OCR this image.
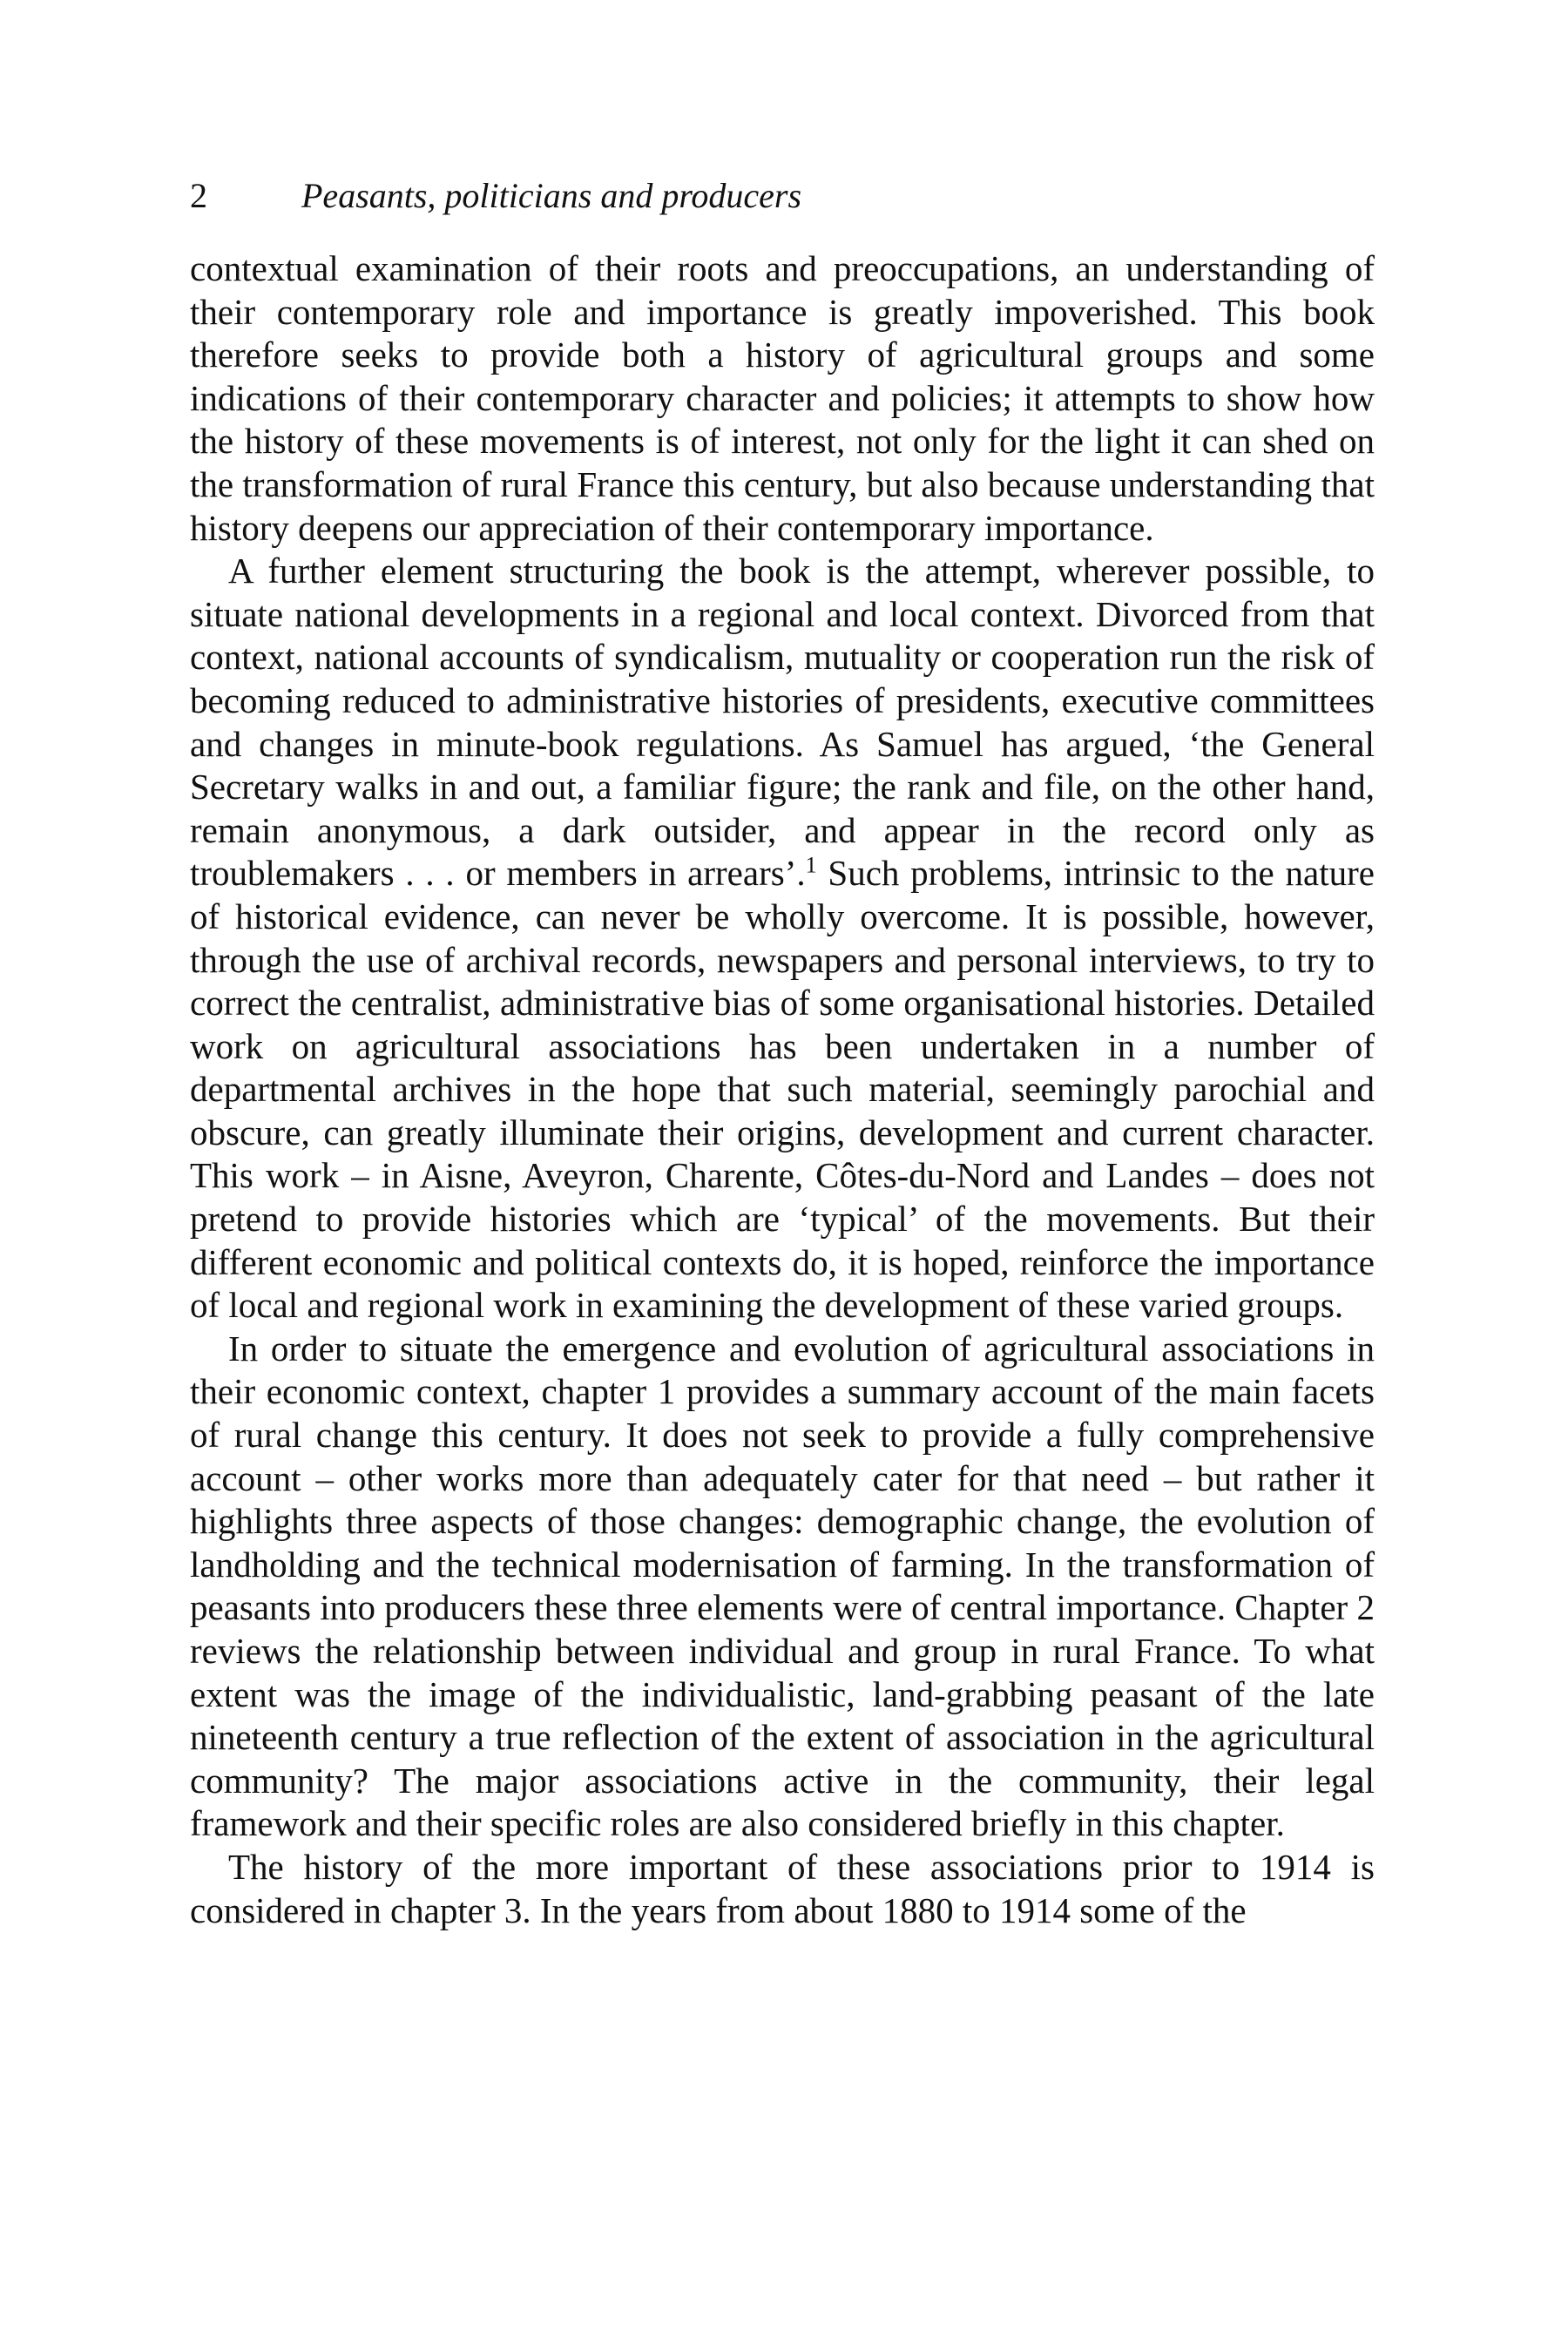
2	Peasants, politicians and producers

contextual examination of their roots and preoccupations, an understanding of their contemporary role and importance is greatly impoverished. This book therefore seeks to provide both a history of agricultural groups and some indications of their contemporary character and policies; it attempts to show how the history of these movements is of interest, not only for the light it can shed on the transformation of rural France this century, but also because understanding that history deepens our appreciation of their contemporary importance.

A further element structuring the book is the attempt, wherever possible, to situate national developments in a regional and local context. Divorced from that context, national accounts of syndicalism, mutuality or cooperation run the risk of becoming reduced to administrative histories of presidents, executive committees and changes in minute-book regulations. As Samuel has argued, ‘the General Secretary walks in and out, a familiar figure; the rank and file, on the other hand, remain anonymous, a dark outsider, and appear in the record only as troublemakers . . . or members in arrears’.$^1$ Such problems, intrinsic to the nature of historical evidence, can never be wholly overcome. It is possible, however, through the use of archival records, newspapers and personal interviews, to try to correct the centralist, administrative bias of some organisational histories. Detailed work on agricultural associations has been undertaken in a number of departmental archives in the hope that such material, seemingly parochial and obscure, can greatly illuminate their origins, development and current character. This work – in Aisne, Aveyron, Charente, Côtes-du-Nord and Landes – does not pretend to provide histories which are ‘typical’ of the movements. But their different economic and political contexts do, it is hoped, reinforce the importance of local and regional work in examining the development of these varied groups.

In order to situate the emergence and evolution of agricultural associations in their economic context, chapter 1 provides a summary account of the main facets of rural change this century. It does not seek to provide a fully comprehensive account – other works more than adequately cater for that need – but rather it highlights three aspects of those changes: demographic change, the evolution of landholding and the technical modernisation of farming. In the transformation of peasants into producers these three elements were of central importance. Chapter 2 reviews the relationship between individual and group in rural France. To what extent was the image of the individualistic, land-grabbing peasant of the late nineteenth century a true reflection of the extent of association in the agricultural community? The major associations active in the community, their legal framework and their specific roles are also considered briefly in this chapter.

The history of the more important of these associations prior to 1914 is considered in chapter 3. In the years from about 1880 to 1914 some of the
